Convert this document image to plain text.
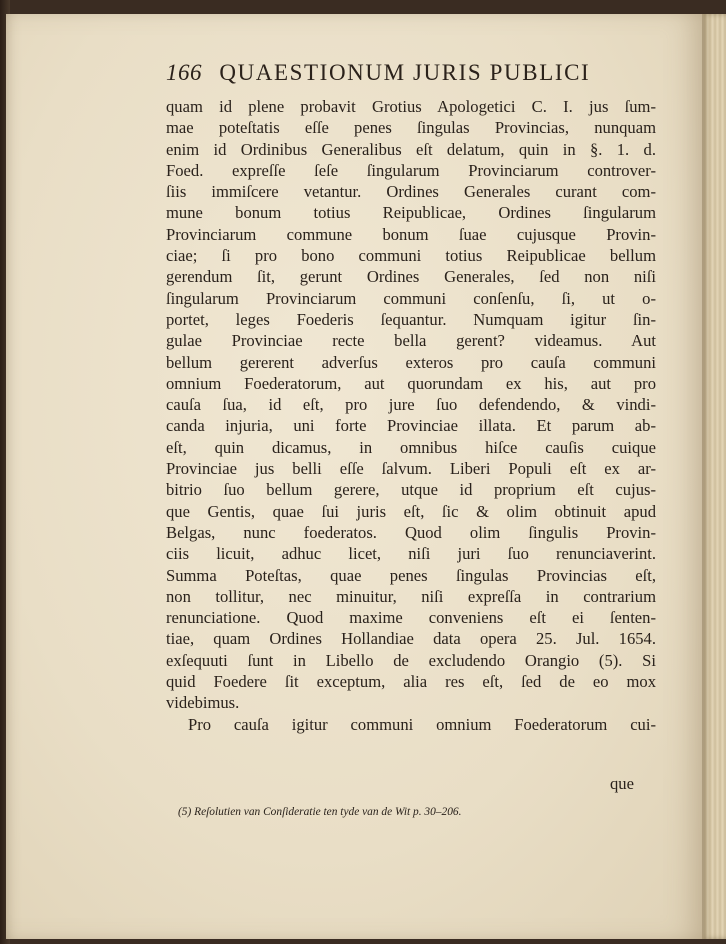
166 QUAESTIONUM JURIS PUBLICI
quam id plene probavit Grotius Apologetici C. I. jus ſum-
mae poteſtatis eſſe penes ſingulas Provincias, nunquam
enim id Ordinibus Generalibus eſt delatum, quin in §. 1. d.
Foed. expreſſe ſeſe ſingularum Provinciarum controver-
ſiis immiſcere vetantur. Ordines Generales curant com-
mune bonum totius Reipublicae, Ordines ſingularum
Provinciarum commune bonum ſuae cujusque Provin-
ciae; ſi pro bono communi totius Reipublicae bellum
gerendum ſit, gerunt Ordines Generales, ſed non niſi
ſingularum Provinciarum communi conſenſu, ſi, ut o-
portet, leges Foederis ſequantur. Numquam igitur ſin-
gulae Provinciae recte bella gerent? videamus. Aut
bellum gererent adverſus exteros pro cauſa communi
omnium Foederatorum, aut quorundam ex his, aut pro
cauſa ſua, id eſt, pro jure ſuo defendendo, & vindi-
canda injuria, uni forte Provinciae illata. Et parum ab-
eſt, quin dicamus, in omnibus hiſce cauſis cuique
Provinciae jus belli eſſe ſalvum. Liberi Populi eſt ex ar-
bitrio ſuo bellum gerere, utque id proprium eſt cujus-
que Gentis, quae ſui juris eſt, ſic & olim obtinuit apud
Belgas, nunc foederatos. Quod olim ſingulis Provin-
ciis licuit, adhuc licet, niſi juri ſuo renunciaverint.
Summa Poteſtas, quae penes ſingulas Provincias eſt,
non tollitur, nec minuitur, niſi expreſſa in contrarium
renunciatione. Quod maxime conveniens eſt ei ſenten-
tiae, quam Ordines Hollandiae data opera 25. Jul. 1654.
exſequuti ſunt in Libello de excludendo Orangio (5). Si
quid Foedere ſit exceptum, alia res eſt, ſed de eo mox
videbimus.
Pro cauſa igitur communi omnium Foederatorum cui-
que
(5) Reſolutien van Conſideratie ten tyde van de Wit p. 30–206.
